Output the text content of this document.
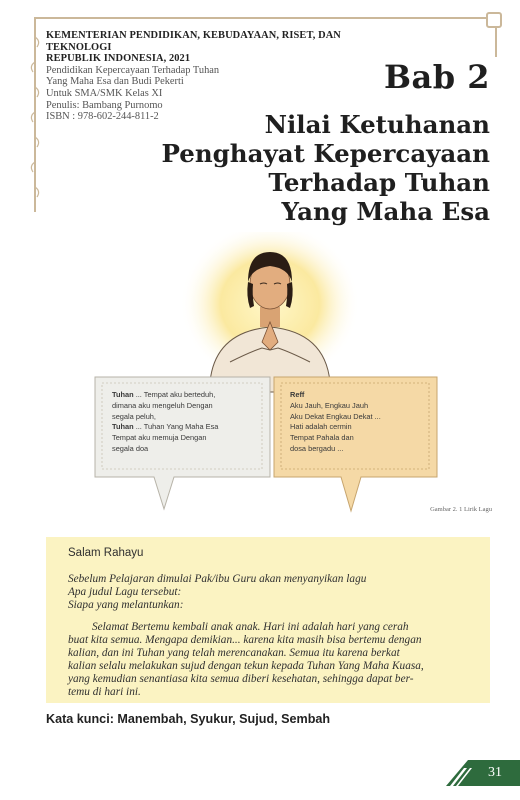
KEMENTERIAN PENDIDIKAN, KEBUDAYAAN, RISET, DAN TEKNOLOGI
REPUBLIK INDONESIA, 2021
Pendidikan Kepercayaan Terhadap Tuhan
Yang Maha Esa dan Budi Pekerti
Untuk SMA/SMK Kelas XI
Penulis: Bambang Purnomo
ISBN : 978-602-244-811-2
Bab 2
Nilai Ketuhanan
Penghayat Kepercayaan
Terhadap Tuhan
Yang Maha Esa
Tuhan ... Tempat aku berteduh,
dimana aku mengeluh Dengan
segala peluh,
Tuhan ... Tuhan Yang Maha Esa
Tempat aku memuja Dengan
segala doa
Reff
Aku Jauh, Engkau Jauh
Aku Dekat Engkau Dekat ...
Hati adalah cermin
Tempat Pahala dan
dosa bergadu ...
Gambar 2. 1 Lirik Lagu

Salam Rahayu

Sebelum Pelajaran dimulai Pak/ibu Guru akan menyanyikan lagu

Apa judul Lagu tersebut:

Siapa yang melantunkan:

Selamat Bertemu kembali anak anak. Hari ini adalah hari yang cerah

buat kita semua. Mengapa demikian... karena kita masih bisa bertemu dengan

kalian, dan ini Tuhan yang telah merencanakan. Semua itu karena berkat

kalian selalu melakukan sujud dengan tekun kepada Tuhan Yang Maha Kuasa,

yang kemudian senantiasa kita semua diberi kesehatan, sehingga dapat ber-

temu di hari ini.

Kata kunci: Manembah, Syukur, Sujud, Sembah
31
